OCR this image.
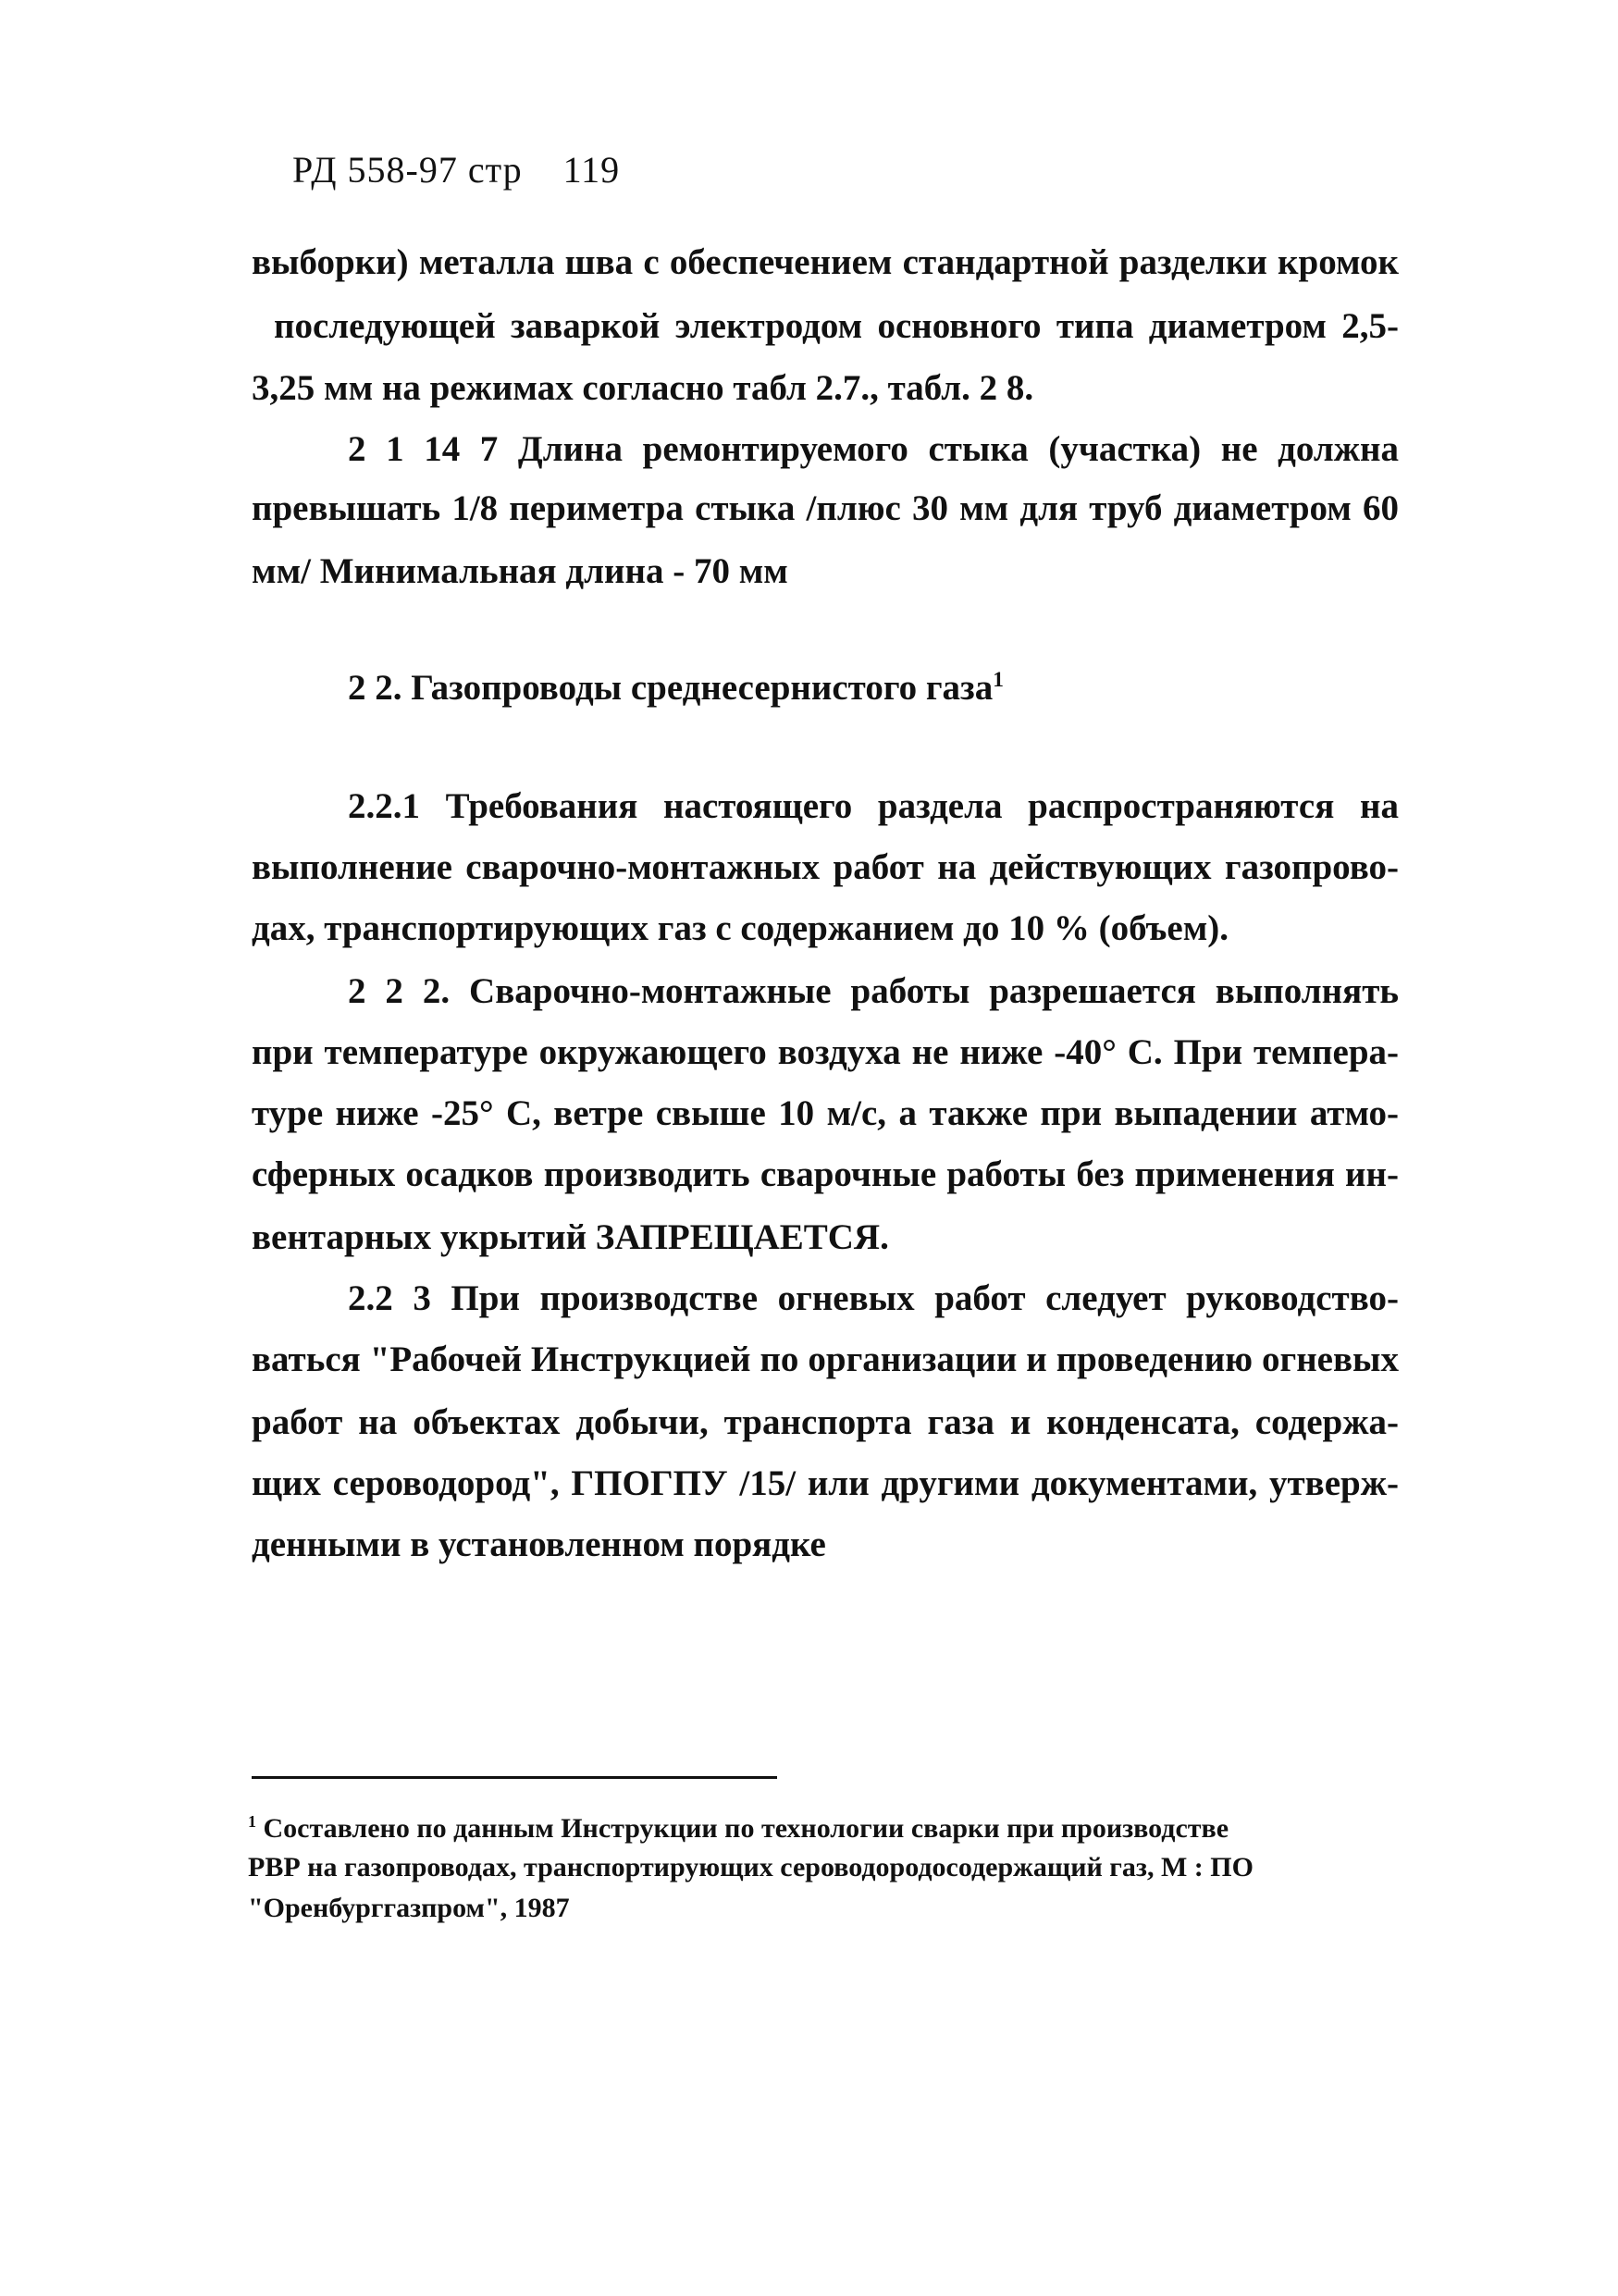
РД 558-97 стр 119
выборки) металла шва с обеспечением стандартной разделки кромок
последующей заваркой электродом основного типа диаметром 2,5-
3,25 мм на режимах согласно табл 2.7., табл. 2 8.
2 1 14 7 Длина ремонтируемого стыка (участка) не должна
превышать 1/8 периметра стыка /плюс 30 мм для труб диаметром 60
мм/ Минимальная длина - 70 мм
2 2. Газопроводы среднесернистого газа$^1$
2.2.1 Требования настоящего раздела распространяются на
выполнение сварочно-монтажных работ на действующих газопрово-
дах, транспортирующих газ с содержанием до 10 % (объем).
2 2 2. Сварочно-монтажные работы разрешается выполнять
при температуре окружающего воздуха не ниже -40° С. При темпера-
туре ниже -25° С, ветре свыше 10 м/с, а также при выпадении атмо-
сферных осадков производить сварочные работы без применения ин-
вентарных укрытий ЗАПРЕЩАЕТСЯ.
2.2 3 При производстве огневых работ следует руководство-
ваться "Рабочей Инструкцией по организации и проведению огневых
работ на объектах добычи, транспорта газа и конденсата, содержа-
щих сероводород", ГПОГПУ /15/ или другими документами, утверж-
денными в установленном порядке
$^1$ Составлено по данным Инструкции по технологии сварки при производстве
РВР на газопроводах, транспортирующих сероводородосодержащий газ, М : ПО
"Оренбурггазпром", 1987
